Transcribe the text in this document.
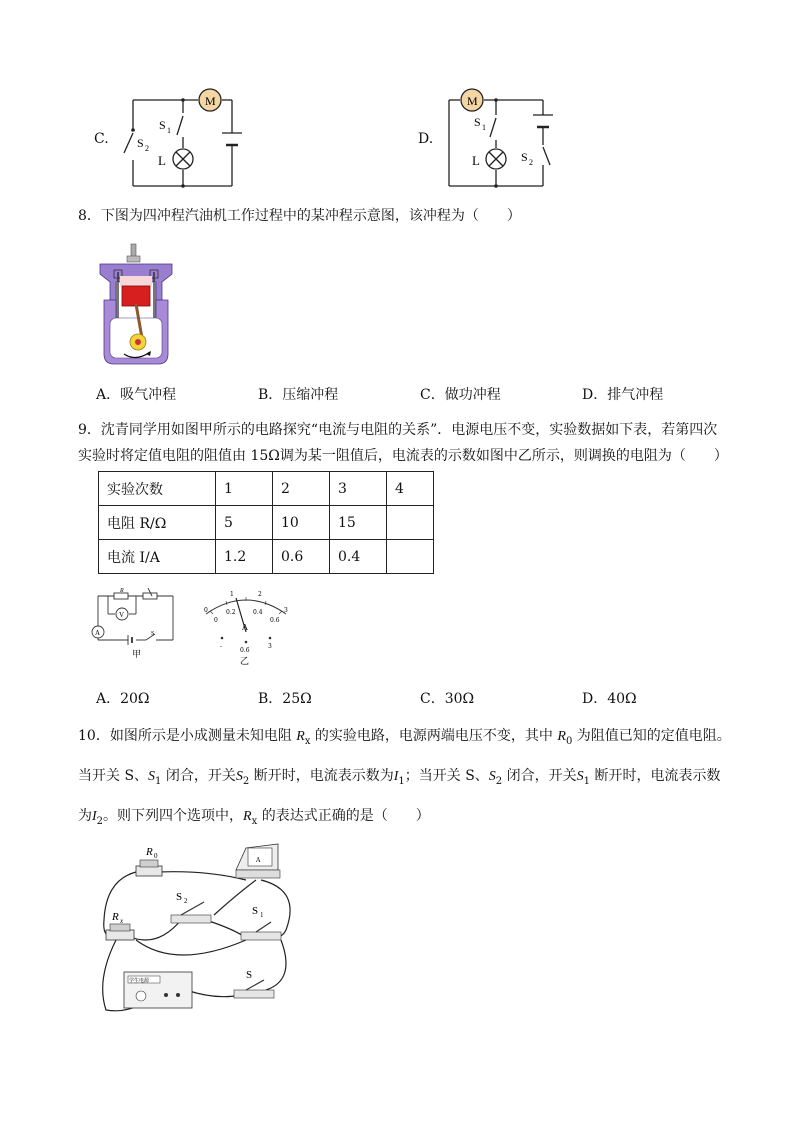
C.
M
S 1
S 2
L
D.
M
S 1
S 2
L
8．下图为四冲程汽油机工作过程中的某冲程示意图，该冲程为（　　）
A．吸气冲程	B．压缩冲程	C．做功冲程	D．排气冲程
9．沈青同学用如图甲所示的电路探究“电流与电阻的关系”．电源电压不变，实验数据如下表，若第四次
实验时将定值电阻的阻值由 15Ω调为某一阻值后，电流表的示数如图中乙所示，则调换的电阻为（　　）
实验次数	1	2	3	4
电阻 R/Ω	5	10	15	
电流 I/A	1.2	0.6	0.4	
R
V
A	S
甲
0
1	2
3
0
0.2	0.4
0.6
A
-
0.6
3
乙
A．20Ω	B．25Ω	C．30Ω	D．40Ω
10．如图所示是小成测量未知电阻 $R_x$ 的实验电路，电源两端电压不变，其中 $R_0$ 为阻值已知的定值电阻。
当开关 S、$S_1$ 闭合，开关$S_2$ 断开时，电流表示数为$I_1$；当开关 S、$S_2$ 闭合，开关$S_1$ 断开时，电流表示数
为$I_2$。则下列四个选项中，$R_x$ 的表达式正确的是（　　）
A
学生电源
R 0
R x
S 2
S 1
S
